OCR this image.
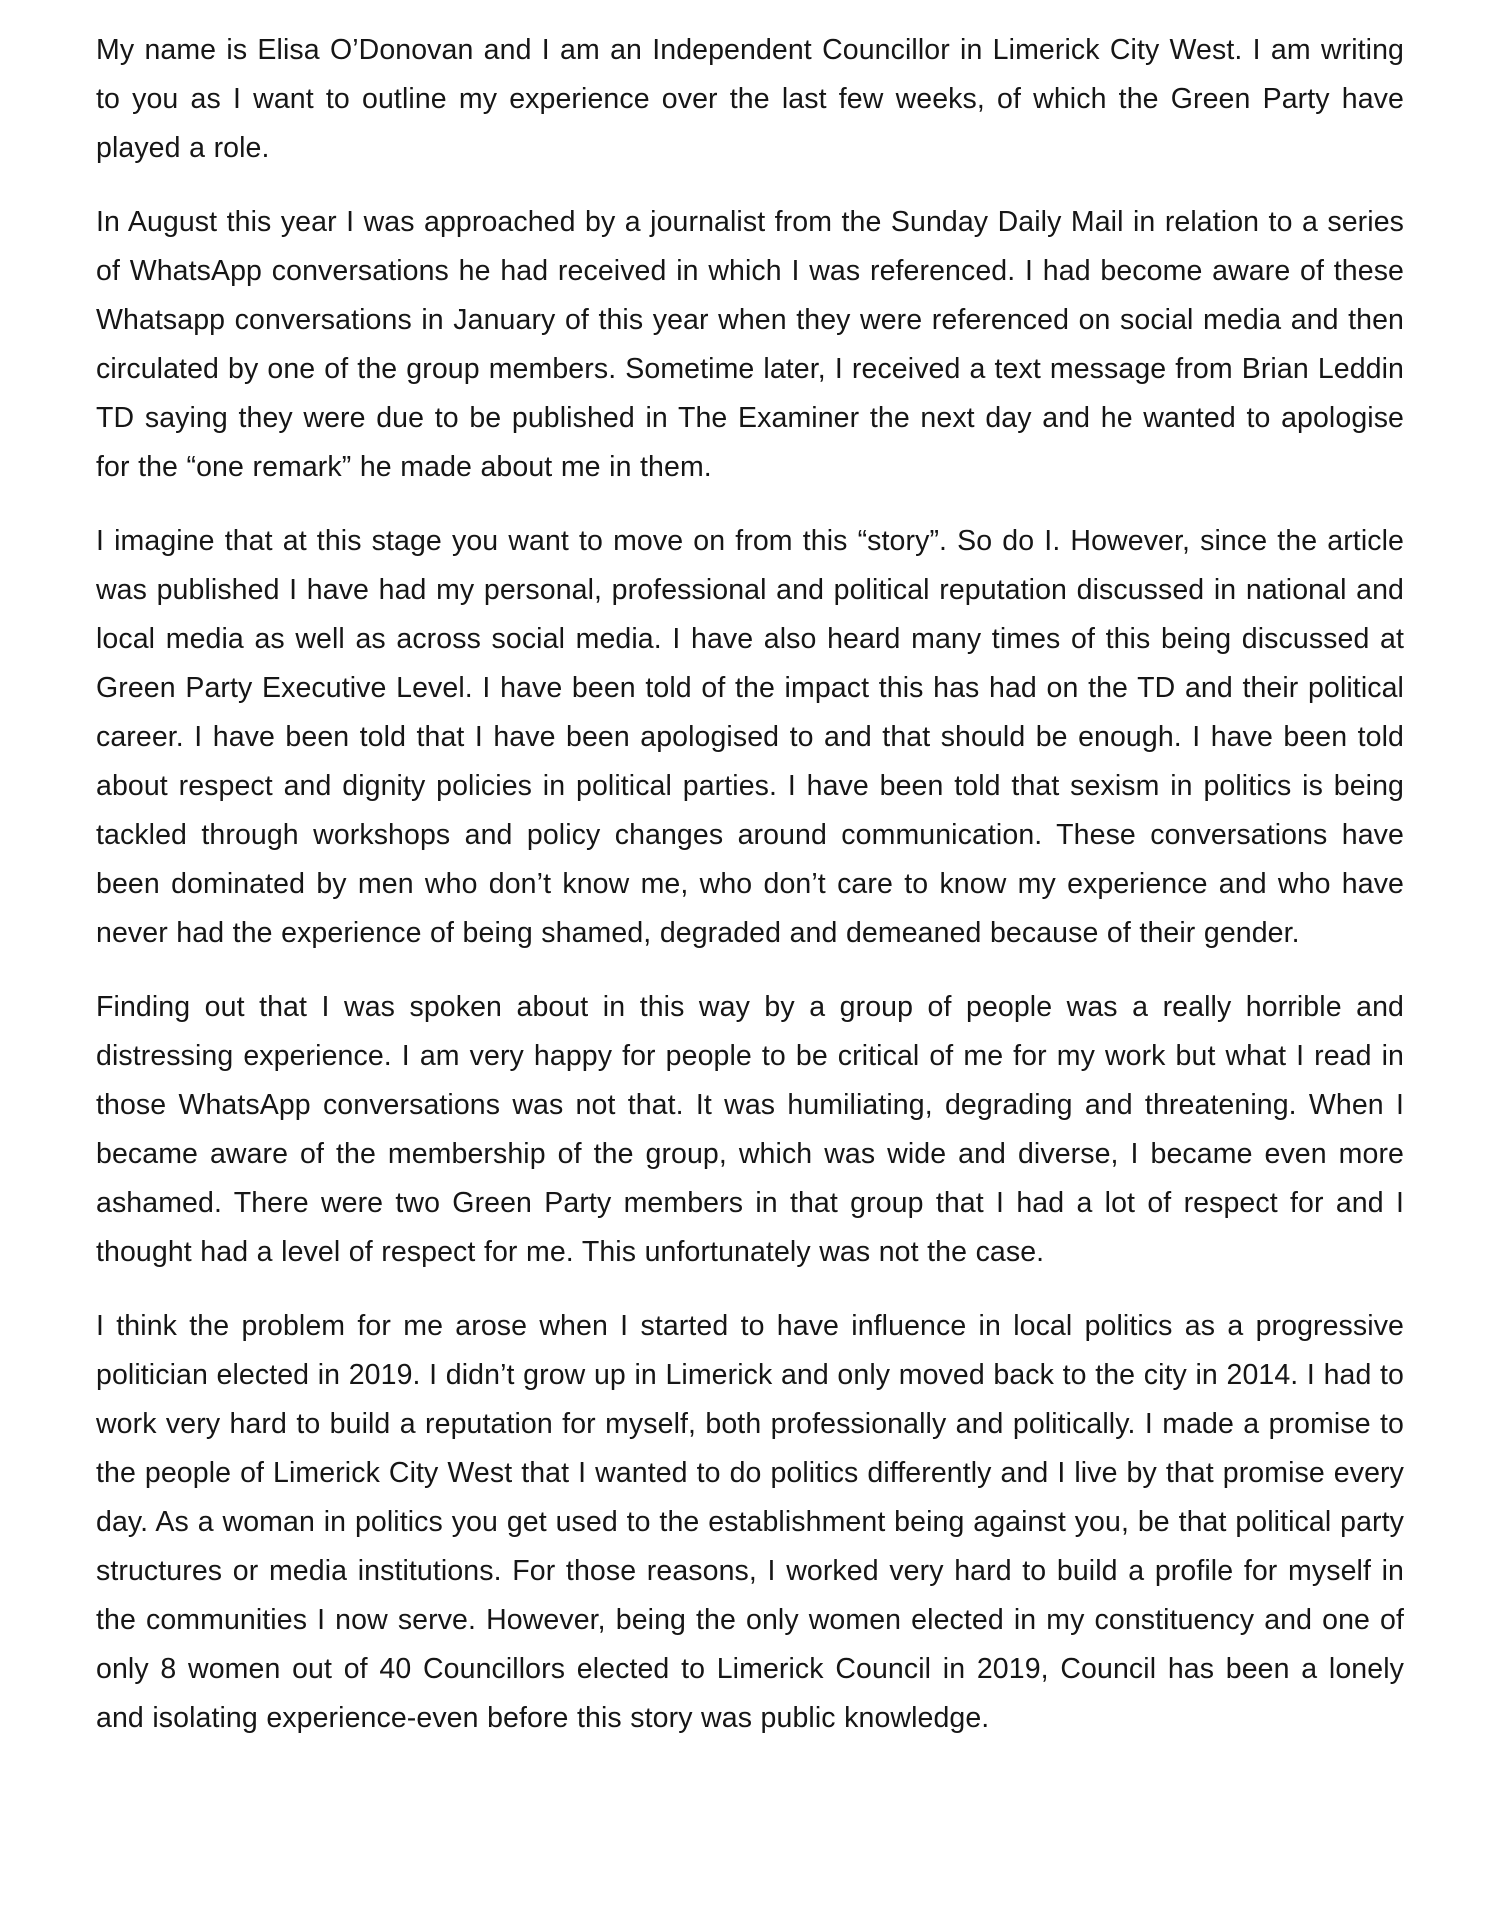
My name is Elisa O’Donovan and I am an Independent Councillor in Limerick City West. I am writing to you as I want to outline my experience over the last few weeks, of which the Green Party have played a role.

In August this year I was approached by a journalist from the Sunday Daily Mail in relation to a series of WhatsApp conversations he had received in which I was referenced. I had become aware of these Whatsapp conversations in January of this year when they were referenced on social media and then circulated by one of the group members. Sometime later, I received a text message from Brian Leddin TD saying they were due to be published in The Examiner the next day and he wanted to apologise for the “one remark” he made about me in them.

I imagine that at this stage you want to move on from this “story”. So do I. However, since the article was published I have had my personal, professional and political reputation discussed in national and local media as well as across social media. I have also heard many times of this being discussed at Green Party Executive Level. I have been told of the impact this has had on the TD and their political career. I have been told that I have been apologised to and that should be enough. I have been told about respect and dignity policies in political parties. I have been told that sexism in politics is being tackled through workshops and policy changes around communication. These conversations have been dominated by men who don’t know me, who don’t care to know my experience and who have never had the experience of being shamed, degraded and demeaned because of their gender.

Finding out that I was spoken about in this way by a group of people was a really horrible and distressing experience. I am very happy for people to be critical of me for my work but what I read in those WhatsApp conversations was not that. It was humiliating, degrading and threatening. When I became aware of the membership of the group, which was wide and diverse, I became even more ashamed. There were two Green Party members in that group that I had a lot of respect for and I thought had a level of respect for me. This unfortunately was not the case.

I think the problem for me arose when I started to have influence in local politics as a progressive politician elected in 2019. I didn’t grow up in Limerick and only moved back to the city in 2014. I had to work very hard to build a reputation for myself, both professionally and politically. I made a promise to the people of Limerick City West that I wanted to do politics differently and I live by that promise every day. As a woman in politics you get used to the establishment being against you, be that political party structures or media institutions. For those reasons, I worked very hard to build a profile for myself in the communities I now serve. However, being the only women elected in my constituency and one of only 8 women out of 40 Councillors elected to Limerick Council in 2019, Council has been a lonely and isolating experience-even before this story was public knowledge.
